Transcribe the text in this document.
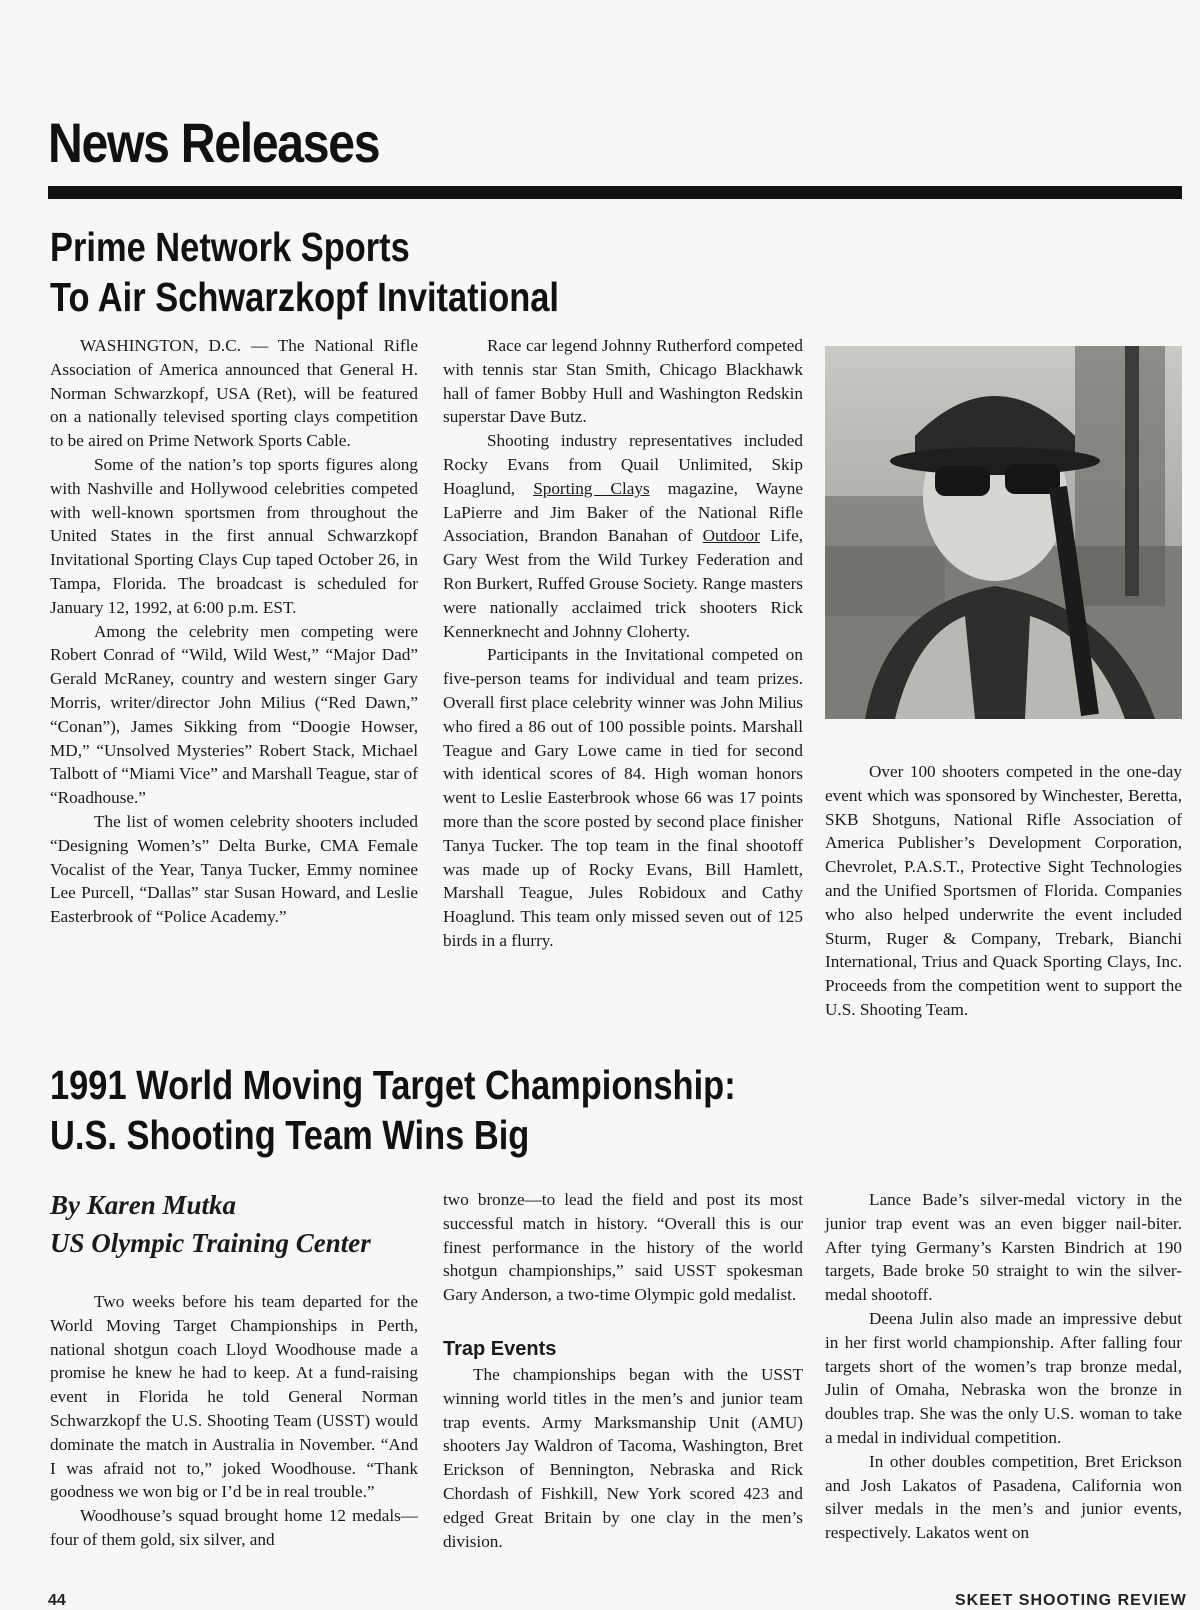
News Releases
Prime Network Sports
To Air Schwarzkopf Invitational

WASHINGTON, D.C. — The National Rifle Association of America announced that General H. Norman Schwarzkopf, USA (Ret), will be featured on a nationally televised sporting clays competition to be aired on Prime Network Sports Cable.

Some of the nation’s top sports figures along with Nashville and Hollywood celebrities competed with well-known sportsmen from throughout the United States in the first annual Schwarzkopf Invitational Sporting Clays Cup taped October 26, in Tampa, Florida. The broadcast is scheduled for January 12, 1992, at 6:00 p.m. EST.

Among the celebrity men competing were Robert Conrad of “Wild, Wild West,” “Major Dad” Gerald McRaney, country and western singer Gary Morris, writer/director John Milius (“Red Dawn,” “Conan”), James Sikking from “Doogie Howser, MD,” “Unsolved Mysteries” Robert Stack, Michael Talbott of “Miami Vice” and Marshall Teague, star of “Roadhouse.”

The list of women celebrity shooters included “Designing Women’s” Delta Burke, CMA Female Vocalist of the Year, Tanya Tucker, Emmy nominee Lee Purcell, “Dallas” star Susan Howard, and Leslie Easterbrook of “Police Academy.”

Race car legend Johnny Rutherford competed with tennis star Stan Smith, Chicago Blackhawk hall of famer Bobby Hull and Washington Redskin superstar Dave Butz.

Shooting industry representatives included Rocky Evans from Quail Unlimited, Skip Hoaglund, Sporting Clays magazine, Wayne LaPierre and Jim Baker of the National Rifle Association, Brandon Banahan of Outdoor Life, Gary West from the Wild Turkey Federation and Ron Burkert, Ruffed Grouse Society. Range masters were nationally acclaimed trick shooters Rick Kennerknecht and Johnny Cloherty.

Participants in the Invitational competed on five-person teams for individual and team prizes. Overall first place celebrity winner was John Milius who fired a 86 out of 100 possible points. Marshall Teague and Gary Lowe came in tied for second with identical scores of 84. High woman honors went to Leslie Easterbrook whose 66 was 17 points more than the score posted by second place finisher Tanya Tucker. The top team in the final shootoff was made up of Rocky Evans, Bill Hamlett, Marshall Teague, Jules Robidoux and Cathy Hoaglund. This team only missed seven out of 125 birds in a flurry.

Over 100 shooters competed in the one-day event which was sponsored by Winchester, Beretta, SKB Shotguns, National Rifle Association of America Publisher’s Development Corporation, Chevrolet, P.A.S.T., Protective Sight Technologies and the Unified Sportsmen of Florida. Companies who also helped underwrite the event included Sturm, Ruger & Company, Trebark, Bianchi International, Trius and Quack Sporting Clays, Inc. Proceeds from the competition went to support the U.S. Shooting Team.

1991 World Moving Target Championship:
U.S. Shooting Team Wins Big

By Karen Mutka

US Olympic Training Center

Two weeks before his team departed for the World Moving Target Championships in Perth, national shotgun coach Lloyd Woodhouse made a promise he knew he had to keep. At a fund-raising event in Florida he told General Norman Schwarzkopf the U.S. Shooting Team (USST) would dominate the match in Australia in November. “And I was afraid not to,” joked Woodhouse. “Thank goodness we won big or I’d be in real trouble.”

Woodhouse’s squad brought home 12 medals—four of them gold, six silver, and

two bronze—to lead the field and post its most successful match in history. “Overall this is our finest performance in the history of the world shotgun championships,” said USST spokesman Gary Anderson, a two-time Olympic gold medalist.

Trap Events

The championships began with the USST winning world titles in the men’s and junior team trap events. Army Marksmanship Unit (AMU) shooters Jay Waldron of Tacoma, Washington, Bret Erickson of Bennington, Nebraska and Rick Chordash of Fishkill, New York scored 423 and edged Great Britain by one clay in the men’s division.

Lance Bade’s silver-medal victory in the junior trap event was an even bigger nail-biter. After tying Germany’s Karsten Bindrich at 190 targets, Bade broke 50 straight to win the silver-medal shootoff.

Deena Julin also made an impressive debut in her first world championship. After falling four targets short of the women’s trap bronze medal, Julin of Omaha, Nebraska won the bronze in doubles trap. She was the only U.S. woman to take a medal in individual competition.

In other doubles competition, Bret Erickson and Josh Lakatos of Pasadena, California won silver medals in the men’s and junior events, respectively. Lakatos went on

44	SKEET SHOOTING REVIEW
